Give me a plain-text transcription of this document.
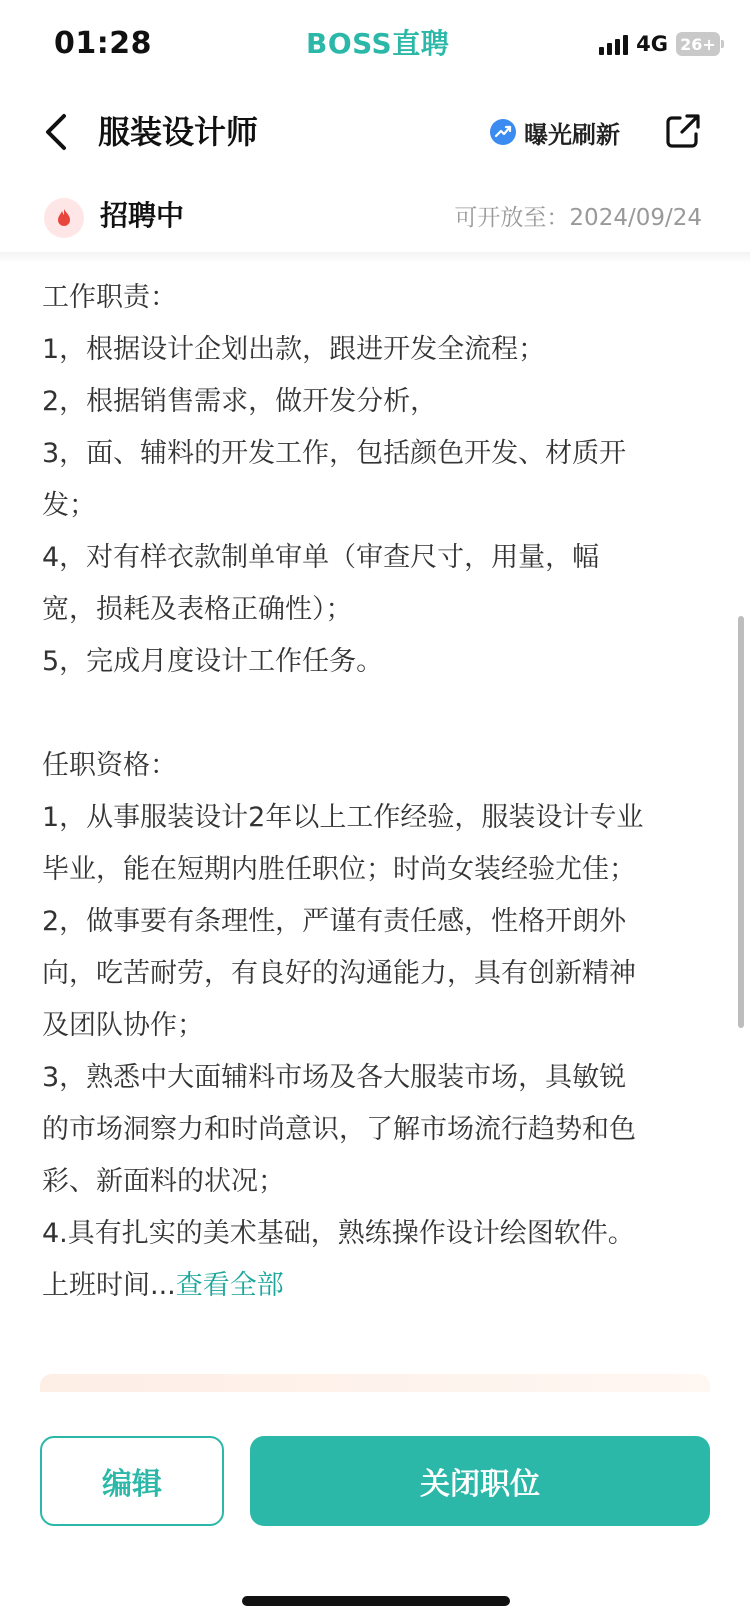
01:28	BOSS直聘	4G 26+
服装设计师	曝光刷新
招聘中	可开放至：2024/09/24

工作职责：

1，根据设计企划出款，跟进开发全流程；

2，根据销售需求，做开发分析，

3，面、辅料的开发工作，包括颜色开发、材质开

发；

4，对有样衣款制单审单（审查尺寸，用量，幅

宽，损耗及表格正确性）；

5，完成月度设计工作任务。

任职资格：

1，从事服装设计2年以上工作经验，服装设计专业

毕业，能在短期内胜任职位；时尚女装经验尤佳；

2，做事要有条理性，严谨有责任感，性格开朗外

向，吃苦耐劳，有良好的沟通能力，具有创新精神

及团队协作；

3，熟悉中大面辅料市场及各大服装市场，具敏锐

的市场洞察力和时尚意识，了解市场流行趋势和色

彩、新面料的状况；

4.具有扎实的美术基础，熟练操作设计绘图软件。

上班时间...查看全部

编辑	关闭职位
